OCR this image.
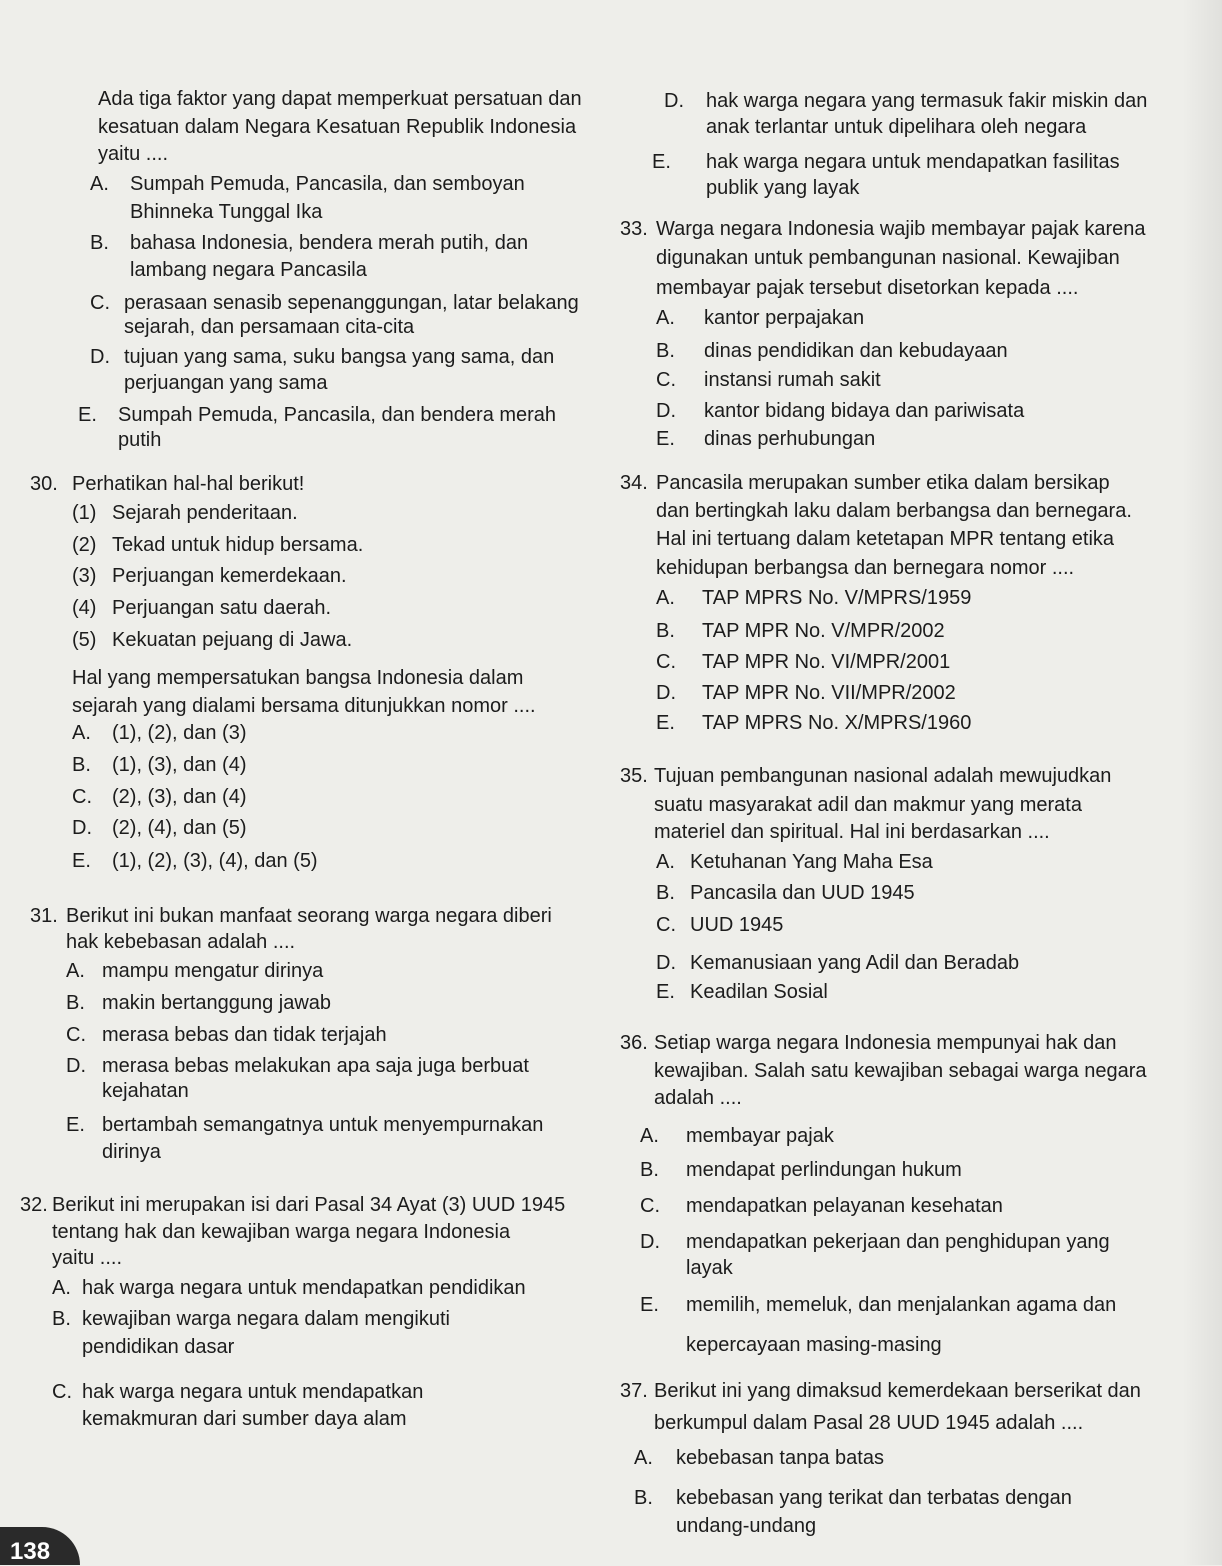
Ada tiga faktor yang dapat memperkuat persatuan dan
kesatuan dalam Negara Kesatuan Republik Indonesia
yaitu ....
A. Sumpah Pemuda, Pancasila, dan semboyan
Bhinneka Tunggal Ika
B. bahasa Indonesia, bendera merah putih, dan
lambang negara Pancasila
C. perasaan senasib sepenanggungan, latar belakang
sejarah, dan persamaan cita-cita
D. tujuan yang sama, suku bangsa yang sama, dan
perjuangan yang sama
E. Sumpah Pemuda, Pancasila, dan bendera merah
putih
30. Perhatikan hal-hal berikut!
(1) Sejarah penderitaan.
(2) Tekad untuk hidup bersama.
(3) Perjuangan kemerdekaan.
(4) Perjuangan satu daerah.
(5) Kekuatan pejuang di Jawa.
Hal yang mempersatukan bangsa Indonesia dalam
sejarah yang dialami bersama ditunjukkan nomor ....
A. (1), (2), dan (3)
B. (1), (3), dan (4)
C. (2), (3), dan (4)
D. (2), (4), dan (5)
E. (1), (2), (3), (4), dan (5)
31. Berikut ini bukan manfaat seorang warga negara diberi
hak kebebasan adalah ....
A. mampu mengatur dirinya
B. makin bertanggung jawab
C. merasa bebas dan tidak terjajah
D. merasa bebas melakukan apa saja juga berbuat
kejahatan
E. bertambah semangatnya untuk menyempurnakan
dirinya
32. Berikut ini merupakan isi dari Pasal 34 Ayat (3) UUD 1945
tentang hak dan kewajiban warga negara Indonesia
yaitu ....
A. hak warga negara untuk mendapatkan pendidikan
B. kewajiban warga negara dalam mengikuti
pendidikan dasar
C. hak warga negara untuk mendapatkan
kemakmuran dari sumber daya alam
D. hak warga negara yang termasuk fakir miskin dan
anak terlantar untuk dipelihara oleh negara
E. hak warga negara untuk mendapatkan fasilitas
publik yang layak
33. Warga negara Indonesia wajib membayar pajak karena
digunakan untuk pembangunan nasional. Kewajiban
membayar pajak tersebut disetorkan kepada ....
A. kantor perpajakan
B. dinas pendidikan dan kebudayaan
C. instansi rumah sakit
D. kantor bidang bidaya dan pariwisata
E. dinas perhubungan
34. Pancasila merupakan sumber etika dalam bersikap
dan bertingkah laku dalam berbangsa dan bernegara.
Hal ini tertuang dalam ketetapan MPR tentang etika
kehidupan berbangsa dan bernegara nomor ....
A. TAP MPRS No. V/MPRS/1959
B. TAP MPR No. V/MPR/2002
C. TAP MPR No. VI/MPR/2001
D. TAP MPR No. VII/MPR/2002
E. TAP MPRS No. X/MPRS/1960
35. Tujuan pembangunan nasional adalah mewujudkan
suatu masyarakat adil dan makmur yang merata
materiel dan spiritual. Hal ini berdasarkan ....
A. Ketuhanan Yang Maha Esa
B. Pancasila dan UUD 1945
C. UUD 1945
D. Kemanusiaan yang Adil dan Beradab
E. Keadilan Sosial
36. Setiap warga negara Indonesia mempunyai hak dan
kewajiban. Salah satu kewajiban sebagai warga negara
adalah ....
A. membayar pajak
B. mendapat perlindungan hukum
C. mendapatkan pelayanan kesehatan
D. mendapatkan pekerjaan dan penghidupan yang
layak
E. memilih, memeluk, dan menjalankan agama dan
kepercayaan masing-masing
37. Berikut ini yang dimaksud kemerdekaan berserikat dan
berkumpul dalam Pasal 28 UUD 1945 adalah ....
A. kebebasan tanpa batas
B. kebebasan yang terikat dan terbatas dengan
undang-undang
138
